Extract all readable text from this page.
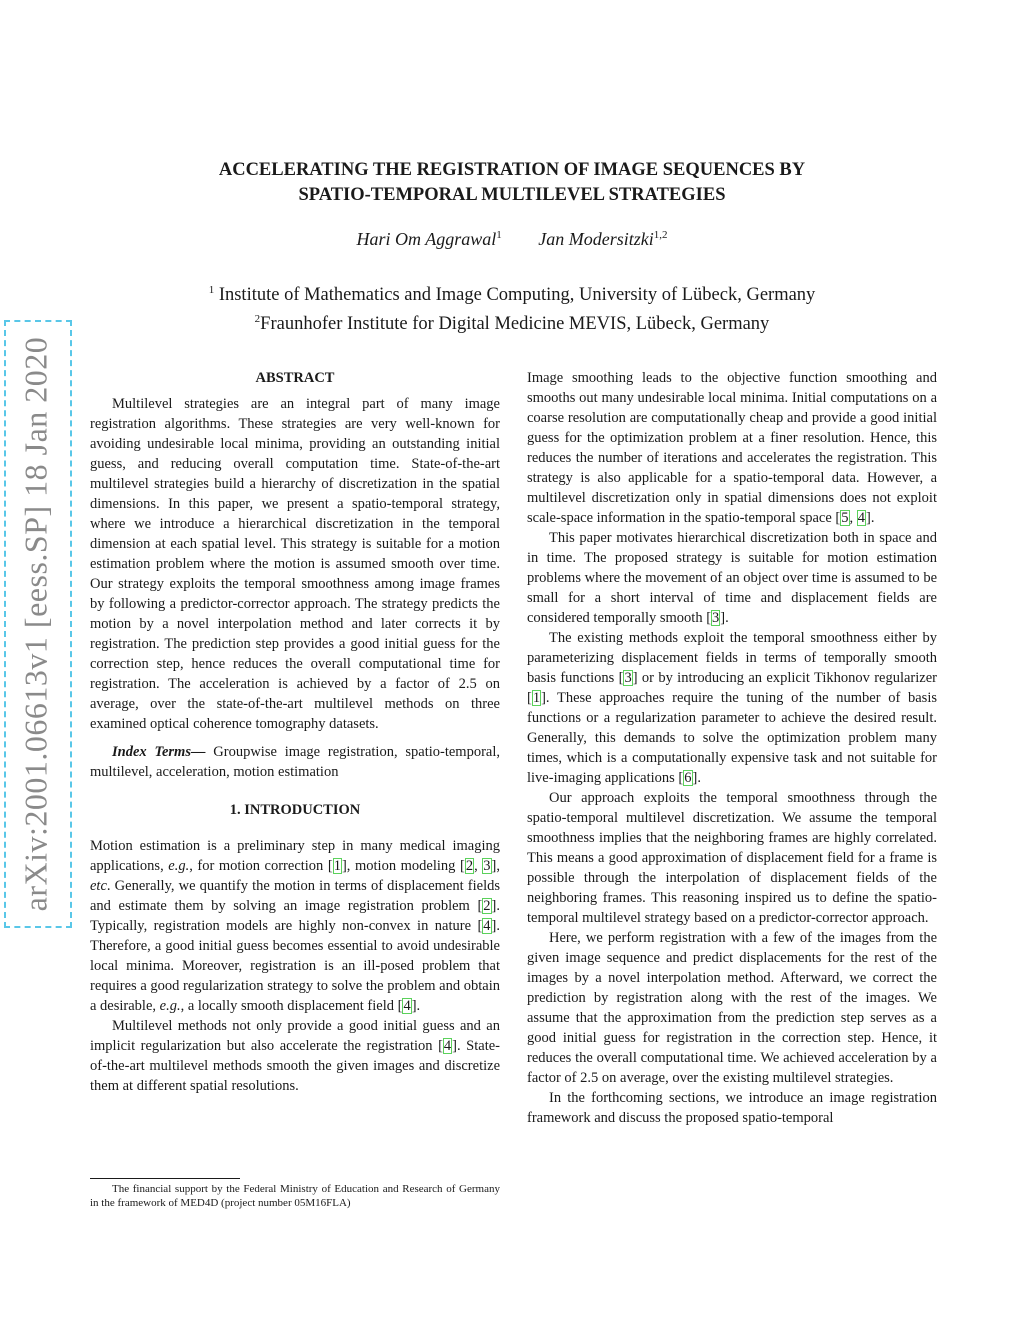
arXiv:2001.06613v1 [eess.SP] 18 Jan 2020
ACCELERATING THE REGISTRATION OF IMAGE SEQUENCES BY
SPATIO-TEMPORAL MULTILEVEL STRATEGIES
Hari Om Aggrawal$^1$ Jan Modersitzki$^{1,2}$
$^1$ Institute of Mathematics and Image Computing, University of Lübeck, Germany
$^2$Fraunhofer Institute for Digital Medicine MEVIS, Lübeck, Germany
ABSTRACT

Multilevel strategies are an integral part of many image registration algorithms. These strategies are very well-known for avoiding undesirable local minima, providing an outstanding initial guess, and reducing overall computation time. State-of-the-art multilevel strategies build a hierarchy of discretization in the spatial dimensions. In this paper, we present a spatio-temporal strategy, where we introduce a hierarchical discretization in the temporal dimension at each spatial level. This strategy is suitable for a motion estimation problem where the motion is assumed smooth over time. Our strategy exploits the temporal smoothness among image frames by following a predictor-corrector approach. The strategy predicts the motion by a novel interpolation method and later corrects it by registration. The prediction step provides a good initial guess for the correction step, hence reduces the overall computational time for registration. The acceleration is achieved by a factor of 2.5 on average, over the state-of-the-art multilevel methods on three examined optical coherence tomography datasets.

Index Terms— Groupwise image registration, spatio-temporal, multilevel, acceleration, motion estimation

1. INTRODUCTION

Motion estimation is a preliminary step in many medical imaging applications, e.g., for motion correction [1], motion modeling [2, 3], etc. Generally, we quantify the motion in terms of displacement fields and estimate them by solving an image registration problem [2]. Typically, registration models are highly non-convex in nature [4]. Therefore, a good initial guess becomes essential to avoid undesirable local minima. Moreover, registration is an ill-posed problem that requires a good regularization strategy to solve the problem and obtain a desirable, e.g., a locally smooth displacement field [4].

Multilevel methods not only provide a good initial guess and an implicit regularization but also accelerate the registration [4]. State-of-the-art multilevel methods smooth the given images and discretize them at different spatial resolutions.

The financial support by the Federal Ministry of Education and Research of Germany in the framework of MED4D (project number 05M16FLA)

Image smoothing leads to the objective function smoothing and smooths out many undesirable local minima. Initial computations on a coarse resolution are computationally cheap and provide a good initial guess for the optimization problem at a finer resolution. Hence, this reduces the number of iterations and accelerates the registration. This strategy is also applicable for a spatio-temporal data. However, a multilevel discretization only in spatial dimensions does not exploit scale-space information in the spatio-temporal space [5, 4].

This paper motivates hierarchical discretization both in space and in time. The proposed strategy is suitable for motion estimation problems where the movement of an object over time is assumed to be small for a short interval of time and displacement fields are considered temporally smooth [3].

The existing methods exploit the temporal smoothness either by parameterizing displacement fields in terms of temporally smooth basis functions [3] or by introducing an explicit Tikhonov regularizer [1]. These approaches require the tuning of the number of basis functions or a regularization parameter to achieve the desired result. Generally, this demands to solve the optimization problem many times, which is a computationally expensive task and not suitable for live-imaging applications [6].

Our approach exploits the temporal smoothness through the spatio-temporal multilevel discretization. We assume the temporal smoothness implies that the neighboring frames are highly correlated. This means a good approximation of displacement field for a frame is possible through the interpolation of displacement fields of the neighboring frames. This reasoning inspired us to define the spatio-temporal multilevel strategy based on a predictor-corrector approach.

Here, we perform registration with a few of the images from the given image sequence and predict displacements for the rest of the images by a novel interpolation method. Afterward, we correct the prediction by registration along with the rest of the images. We assume that the approximation from the prediction step serves as a good initial guess for registration in the correction step. Hence, it reduces the overall computational time. We achieved acceleration by a factor of 2.5 on average, over the existing multilevel strategies.

In the forthcoming sections, we introduce an image registration framework and discuss the proposed spatio-temporal
